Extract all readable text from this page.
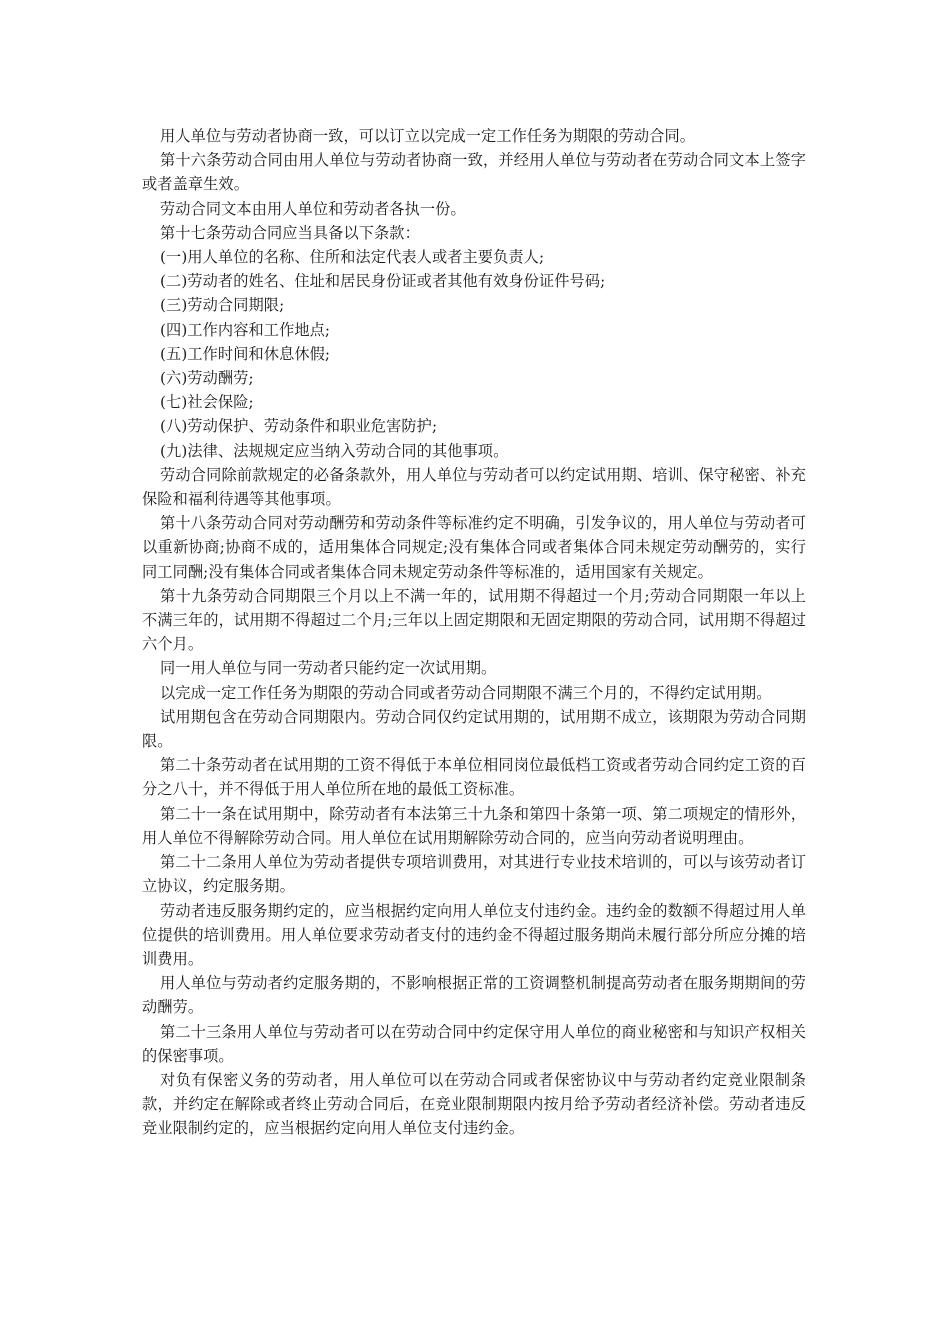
用人单位与劳动者协商一致，可以订立以完成一定工作任务为期限的劳动合同。

第十六条劳动合同由用人单位与劳动者协商一致，并经用人单位与劳动者在劳动合同文本上签字或者盖章生效。

劳动合同文本由用人单位和劳动者各执一份。

第十七条劳动合同应当具备以下条款：

(一)用人单位的名称、住所和法定代表人或者主要负责人;

(二)劳动者的姓名、住址和居民身份证或者其他有效身份证件号码;

(三)劳动合同期限;

(四)工作内容和工作地点;

(五)工作时间和休息休假;

(六)劳动酬劳;

(七)社会保险;

(八)劳动保护、劳动条件和职业危害防护;

(九)法律、法规规定应当纳入劳动合同的其他事项。

劳动合同除前款规定的必备条款外，用人单位与劳动者可以约定试用期、培训、保守秘密、补充保险和福利待遇等其他事项。

第十八条劳动合同对劳动酬劳和劳动条件等标准约定不明确，引发争议的，用人单位与劳动者可以重新协商;协商不成的，适用集体合同规定;没有集体合同或者集体合同未规定劳动酬劳的，实行同工同酬;没有集体合同或者集体合同未规定劳动条件等标准的，适用国家有关规定。

第十九条劳动合同期限三个月以上不满一年的，试用期不得超过一个月;劳动合同期限一年以上不满三年的，试用期不得超过二个月;三年以上固定期限和无固定期限的劳动合同，试用期不得超过六个月。

同一用人单位与同一劳动者只能约定一次试用期。

以完成一定工作任务为期限的劳动合同或者劳动合同期限不满三个月的，不得约定试用期。

试用期包含在劳动合同期限内。劳动合同仅约定试用期的，试用期不成立，该期限为劳动合同期限。

第二十条劳动者在试用期的工资不得低于本单位相同岗位最低档工资或者劳动合同约定工资的百分之八十，并不得低于用人单位所在地的最低工资标准。

第二十一条在试用期中，除劳动者有本法第三十九条和第四十条第一项、第二项规定的情形外，用人单位不得解除劳动合同。用人单位在试用期解除劳动合同的，应当向劳动者说明理由。

第二十二条用人单位为劳动者提供专项培训费用，对其进行专业技术培训的，可以与该劳动者订立协议，约定服务期。

劳动者违反服务期约定的，应当根据约定向用人单位支付违约金。违约金的数额不得超过用人单位提供的培训费用。用人单位要求劳动者支付的违约金不得超过服务期尚未履行部分所应分摊的培训费用。

用人单位与劳动者约定服务期的，不影响根据正常的工资调整机制提高劳动者在服务期期间的劳动酬劳。

第二十三条用人单位与劳动者可以在劳动合同中约定保守用人单位的商业秘密和与知识产权相关的保密事项。

对负有保密义务的劳动者，用人单位可以在劳动合同或者保密协议中与劳动者约定竞业限制条款，并约定在解除或者终止劳动合同后，在竞业限制期限内按月给予劳动者经济补偿。劳动者违反竞业限制约定的，应当根据约定向用人单位支付违约金。
